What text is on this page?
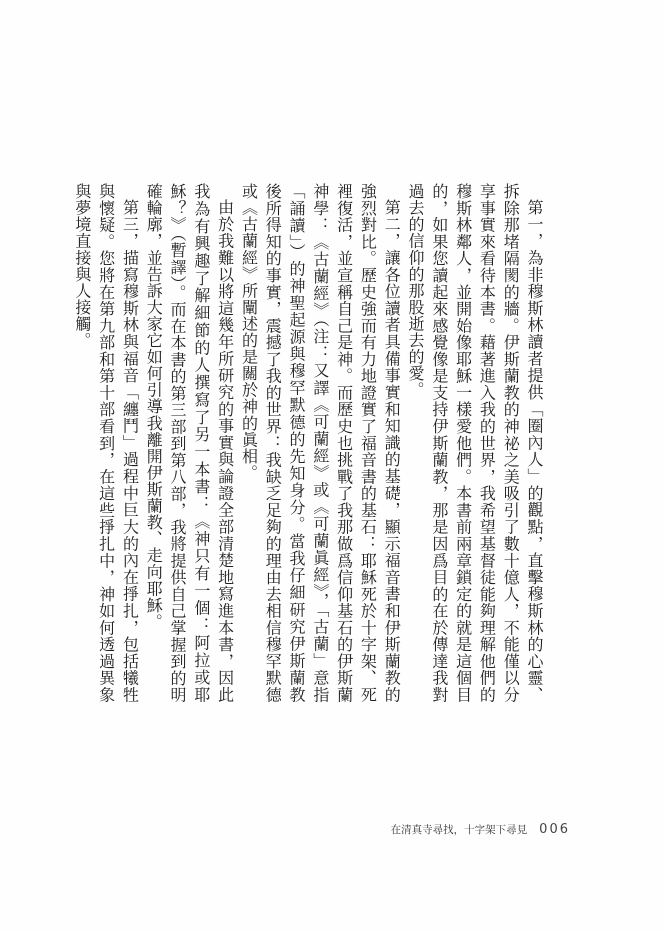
第一，為非穆斯林讀者提供「圈內人」的觀點，直擊穆斯林的心靈、拆除那堵隔閡的牆。伊斯蘭教的神祕之美吸引了數十億人，不能僅以分享事實來看待本書。藉著進入我的世界，我希望基督徒能夠理解他們的穆斯林鄰人，並開始像耶穌一樣愛他們。本書前兩章鎖定的就是這個目的，如果您讀起來感覺像是支持伊斯蘭教，那是因爲目的在於傳達我對過去的信仰的那股逝去的愛。

第二，讓各位讀者具備事實和知識的基礎，顯示福音書和伊斯蘭教的強烈對比。歷史強而有力地證實了福音書的基石：耶穌死於十字架、死裡復活，並宣稱自己是神。而歷史也挑戰了我那做爲信仰基石的伊斯蘭神學：《古蘭經》（注：又譯《可蘭經》或《可蘭眞經》，「古蘭」意指「誦讀」）的神聖起源與穆罕默德的先知身分。當我仔細研究伊斯蘭教後所得知的事實，震撼了我的世界：我缺乏足夠的理由去相信穆罕默德或《古蘭經》所闡述的是關於神的眞相。

由於我難以將這幾年所研究的事實與論證全部清楚地寫進本書，因此我為有興趣了解細節的人撰寫了另一本書：《神只有一個：阿拉或耶穌？》（暫譯）。而在本書的第三部到第八部，我將提供自己掌握到的明確輪廓，並告訴大家它如何引導我離開伊斯蘭教、走向耶穌。

第三，描寫穆斯林與福音「纏鬥」過程中巨大的內在掙扎，包括犧牲與懷疑。您將在第九部和第十部看到，在這些掙扎中，神如何透過異象與夢境直接與人接觸。

在清真寺尋找，十字架下尋見 006
